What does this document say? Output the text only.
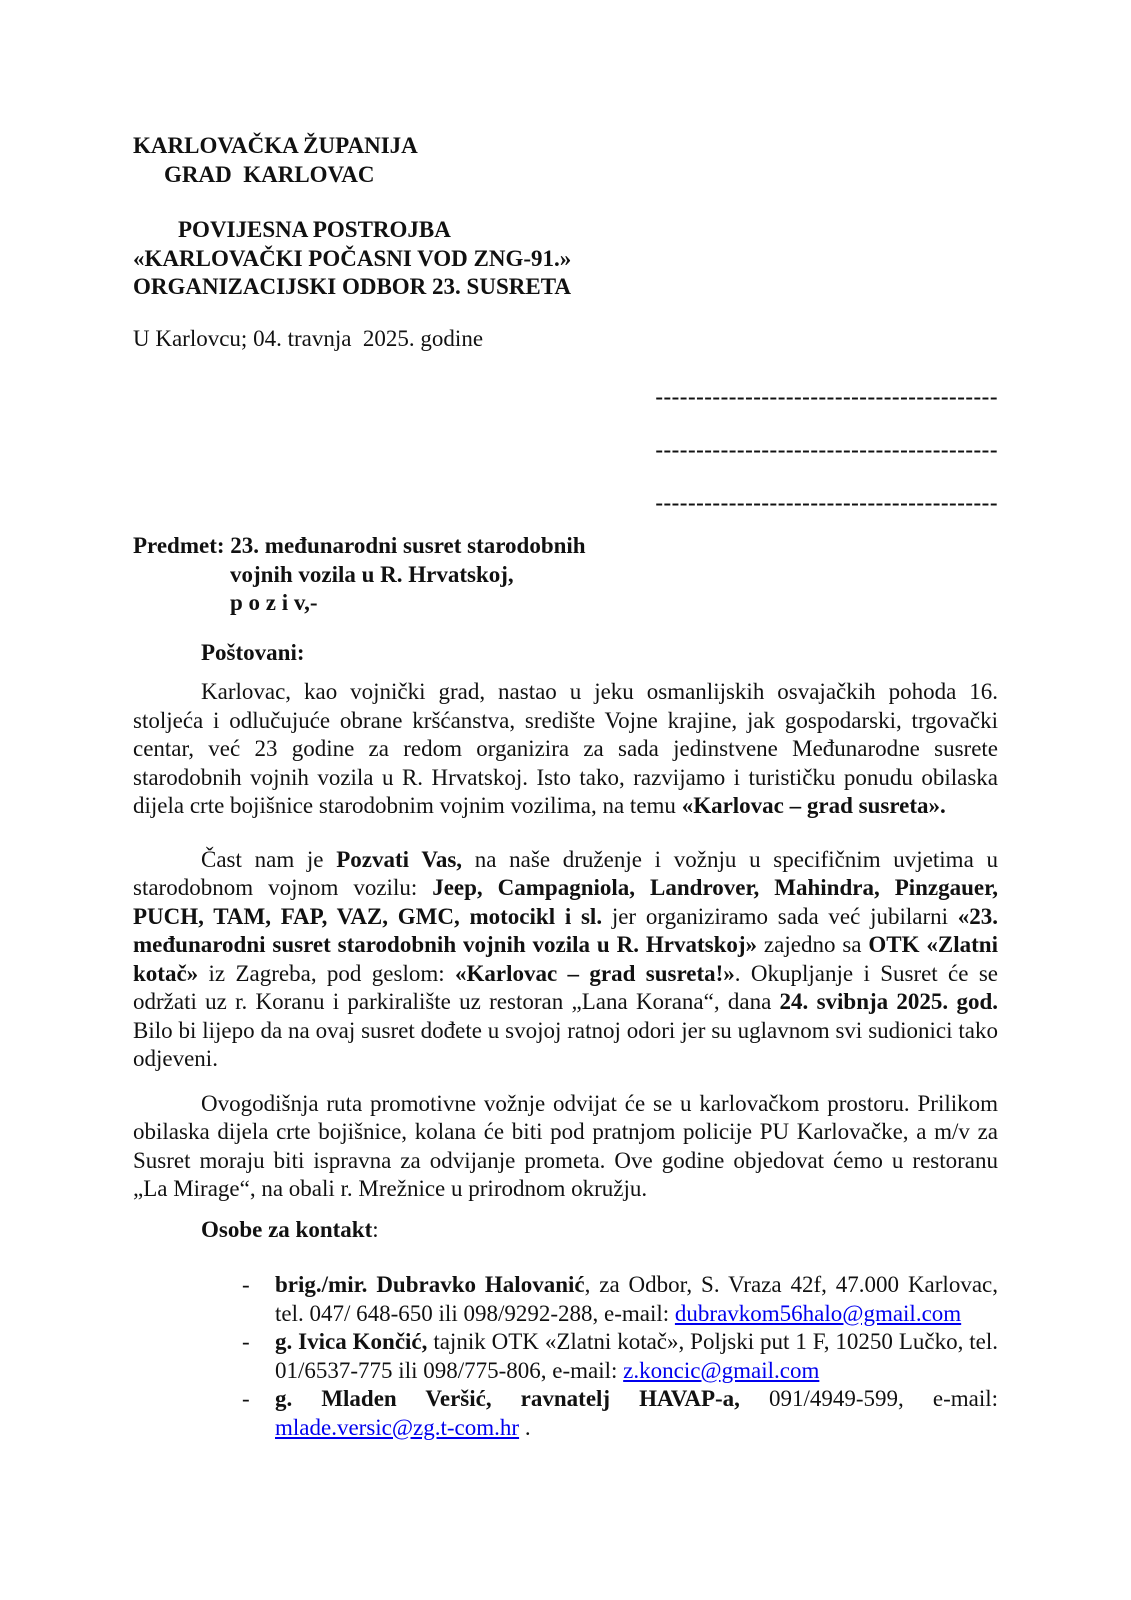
KARLOVAČKA ŽUPANIJA
GRAD  KARLOVAC
POVIJESNA POSTROJBA
«KARLOVAČKI POČASNI VOD ZNG-91.»
ORGANIZACIJSKI ODBOR 23. SUSRETA
U Karlovcu; 04. travnja  2025. godine
------------------------------------------
------------------------------------------
------------------------------------------
Predmet: 23. međunarodni susret starodobnih
vojnih vozila u R. Hrvatskoj,
p o z i v,-
Poštovani:

Karlovac, kao vojnički grad, nastao u jeku osmanlijskih osvajačkih pohoda 16. stoljeća i odlučujuće obrane kršćanstva, središte Vojne krajine, jak gospodarski, trgovački centar, već 23 godine za redom organizira za sada jedinstvene Međunarodne susrete starodobnih vojnih vozila u R. Hrvatskoj. Isto tako, razvijamo i turističku ponudu obilaska dijela crte bojišnice starodobnim vojnim vozilima, na temu «Karlovac – grad susreta».

Čast nam je Pozvati Vas, na naše druženje i vožnju u specifičnim uvjetima u starodobnom vojnom vozilu: Jeep, Campagniola, Landrover, Mahindra, Pinzgauer, PUCH, TAM, FAP, VAZ, GMC, motocikl i sl. jer organiziramo sada već jubilarni «23. međunarodni susret starodobnih vojnih vozila u R. Hrvatskoj» zajedno sa OTK «Zlatni kotač» iz Zagreba, pod geslom: «Karlovac – grad susreta!». Okupljanje i Susret će se održati uz r. Koranu i parkiralište uz restoran „Lana Korana“, dana 24. svibnja 2025. god. Bilo bi lijepo da na ovaj susret dođete u svojoj ratnoj odori jer su uglavnom svi sudionici tako odjeveni.

Ovogodišnja ruta promotivne vožnje odvijat će se u karlovačkom prostoru. Prilikom obilaska dijela crte bojišnice, kolana će biti pod pratnjom policije PU Karlovačke, a m/v za Susret moraju biti ispravna za odvijanje prometa. Ove godine objedovat ćemo u restoranu „La Mirage“, na obali r. Mrežnice u prirodnom okružju.

Osobe za kontakt:
- brig./mir. Dubravko Halovanić, za Odbor, S. Vraza 42f, 47.000 Karlovac, tel. 047/ 648-650 ili 098/9292-288, e-mail: dubravkom56halo@gmail.com
- g. Ivica Končić, tajnik OTK «Zlatni kotač», Poljski put 1 F, 10250 Lučko, tel. 01/6537-775 ili 098/775-806, e-mail: z.koncic@gmail.com
- g. Mladen Veršić, ravnatelj HAVAP-a, 091/4949-599, e-mail: mlade.versic@zg.t-com.hr .
